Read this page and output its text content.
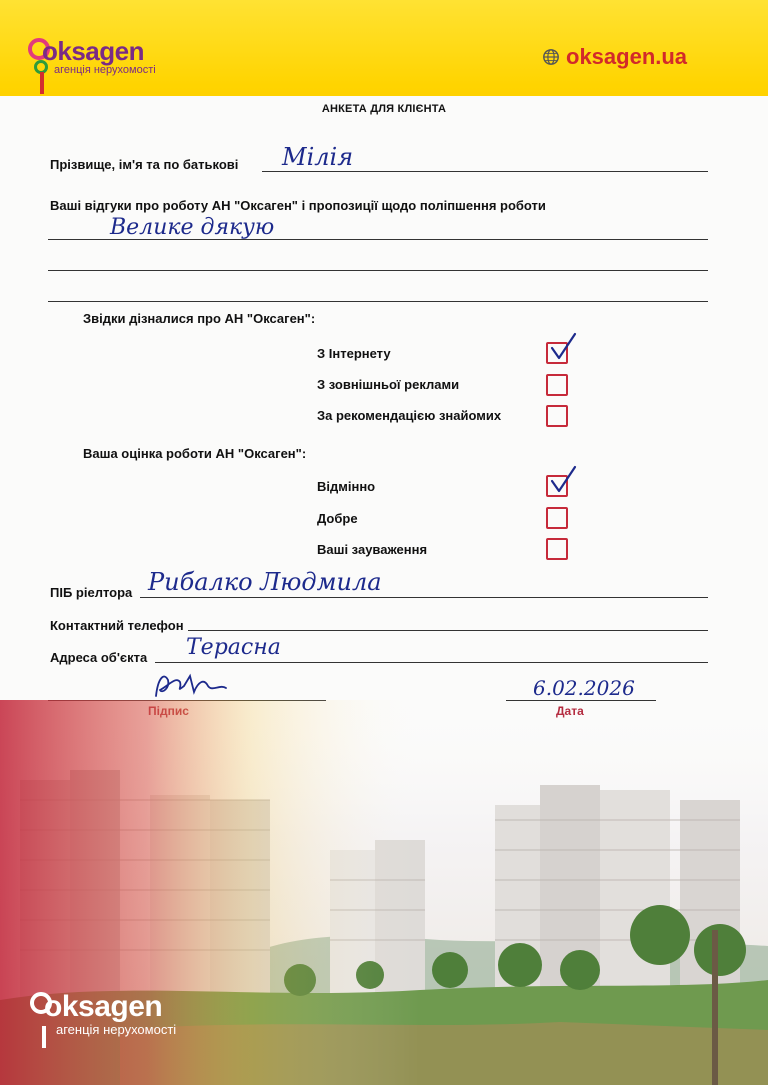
oksagen
агенція нерухомості
oksagen.ua
АНКЕТА ДЛЯ КЛІЄНТА
Прізвище, ім'я та по батькові Мілія
Ваші відгуки про роботу АН "Оксаген" і пропозиції щодо поліпшення роботи
Велике дякую
Звідки дізналися про АН "Оксаген":
З Інтернету
З зовнішньої реклами
За рекомендацією знайомих
Ваша оцінка роботи АН "Оксаген":
Відмінно
Добре
Ваші зауваження
ПІБ ріелтора Рибалко Людмила
Контактний телефон
Адреса об'єкта Терасна
6.02.2026
oksagen
агенція нерухомості
